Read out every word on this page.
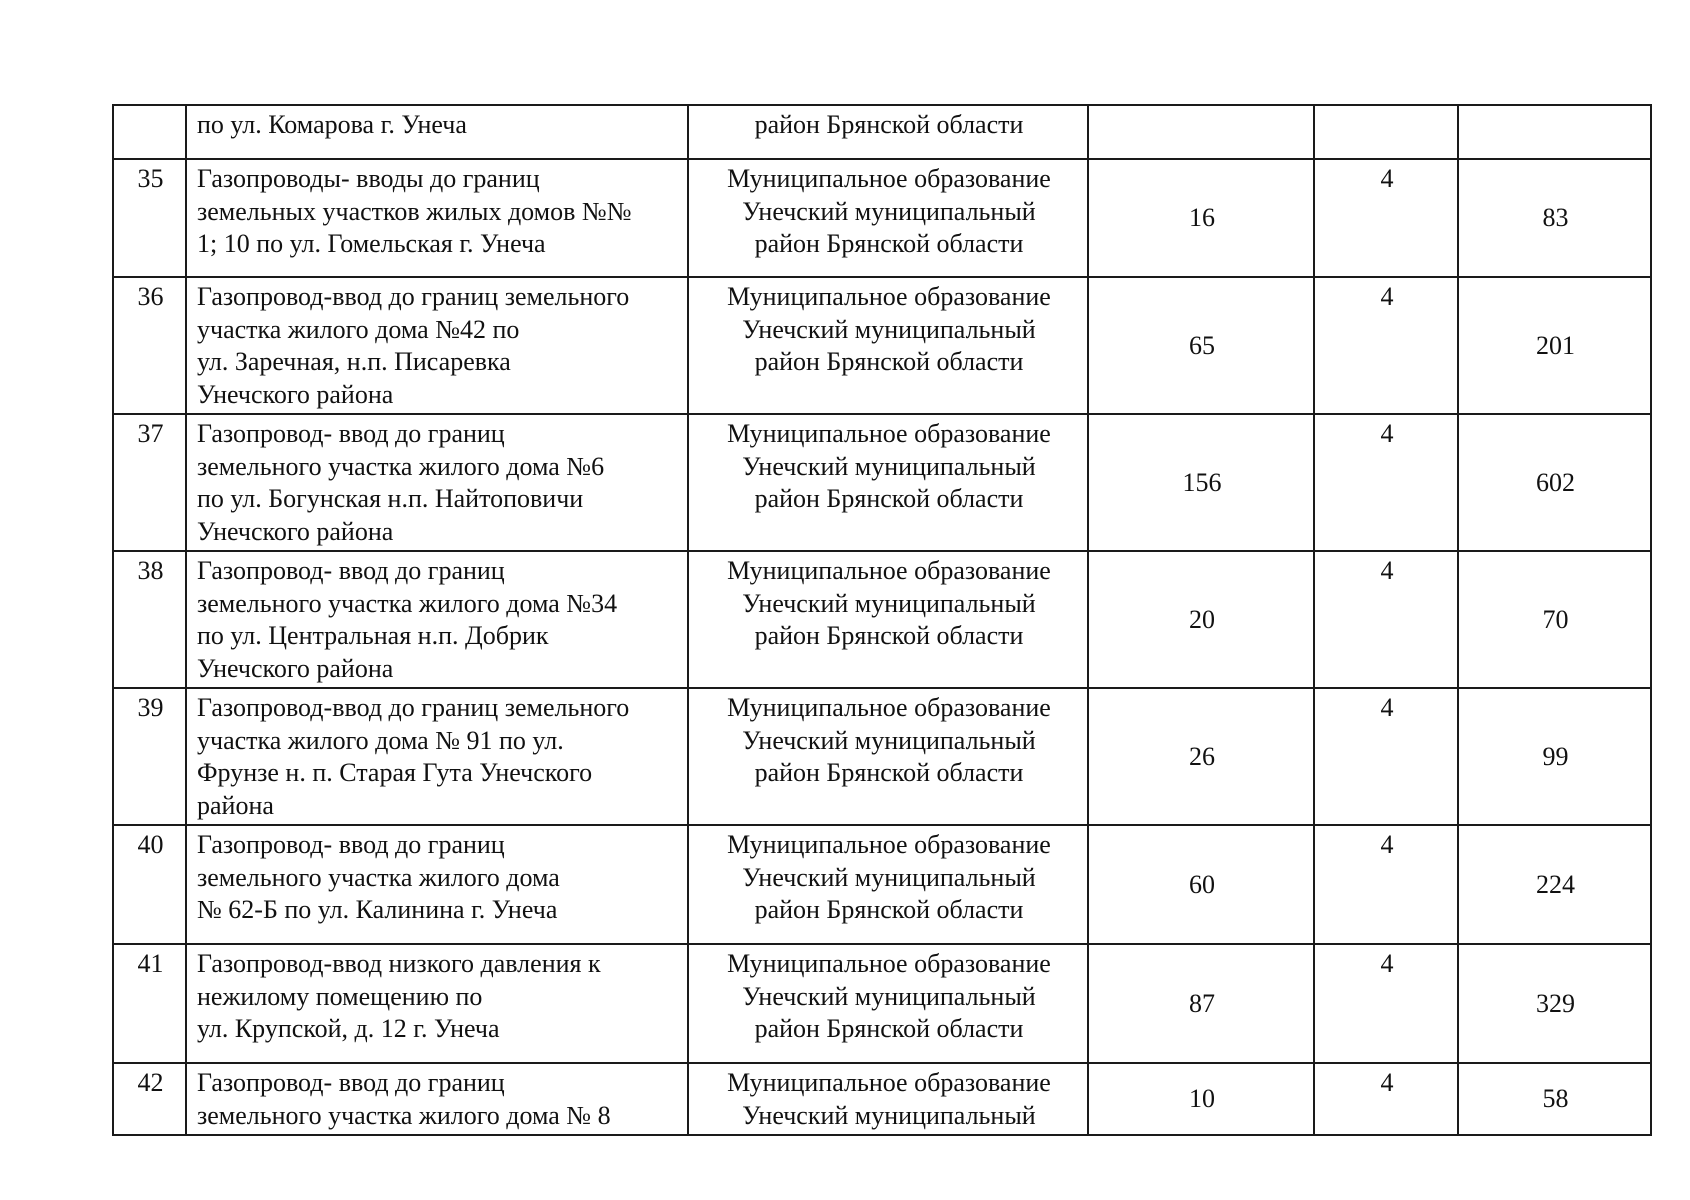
	по ул. Комарова г. Унеча	район Брянской области			
35	Газопроводы- вводы до границ
земельных участков жилых домов №№
1; 10 по ул. Гомельская г. Унеча	Муниципальное образование
Унечский муниципальный
район Брянской области	16	4	83
36	Газопровод-ввод до границ земельного
участка жилого дома №42 по
ул. Заречная, н.п. Писаревка
Унечского района	Муниципальное образование
Унечский муниципальный
район Брянской области	65	4	201
37	Газопровод- ввод до границ
земельного участка жилого дома №6
по ул. Богунская н.п. Найтоповичи
Унечского района	Муниципальное образование
Унечский муниципальный
район Брянской области	156	4	602
38	Газопровод- ввод до границ
земельного участка жилого дома №34
по ул. Центральная н.п. Добрик
Унечского района	Муниципальное образование
Унечский муниципальный
район Брянской области	20	4	70
39	Газопровод-ввод до границ земельного
участка жилого дома № 91 по ул.
Фрунзе н. п. Старая Гута Унечского
района	Муниципальное образование
Унечский муниципальный
район Брянской области	26	4	99
40	Газопровод- ввод до границ
земельного участка жилого дома
№ 62-Б по ул. Калинина г. Унеча	Муниципальное образование
Унечский муниципальный
район Брянской области	60	4	224
41	Газопровод-ввод низкого давления к
нежилому помещению по
ул. Крупской, д. 12 г. Унеча	Муниципальное образование
Унечский муниципальный
район Брянской области	87	4	329
42	Газопровод- ввод до границ
земельного участка жилого дома № 8	Муниципальное образование
Унечский муниципальный	10	4	58
